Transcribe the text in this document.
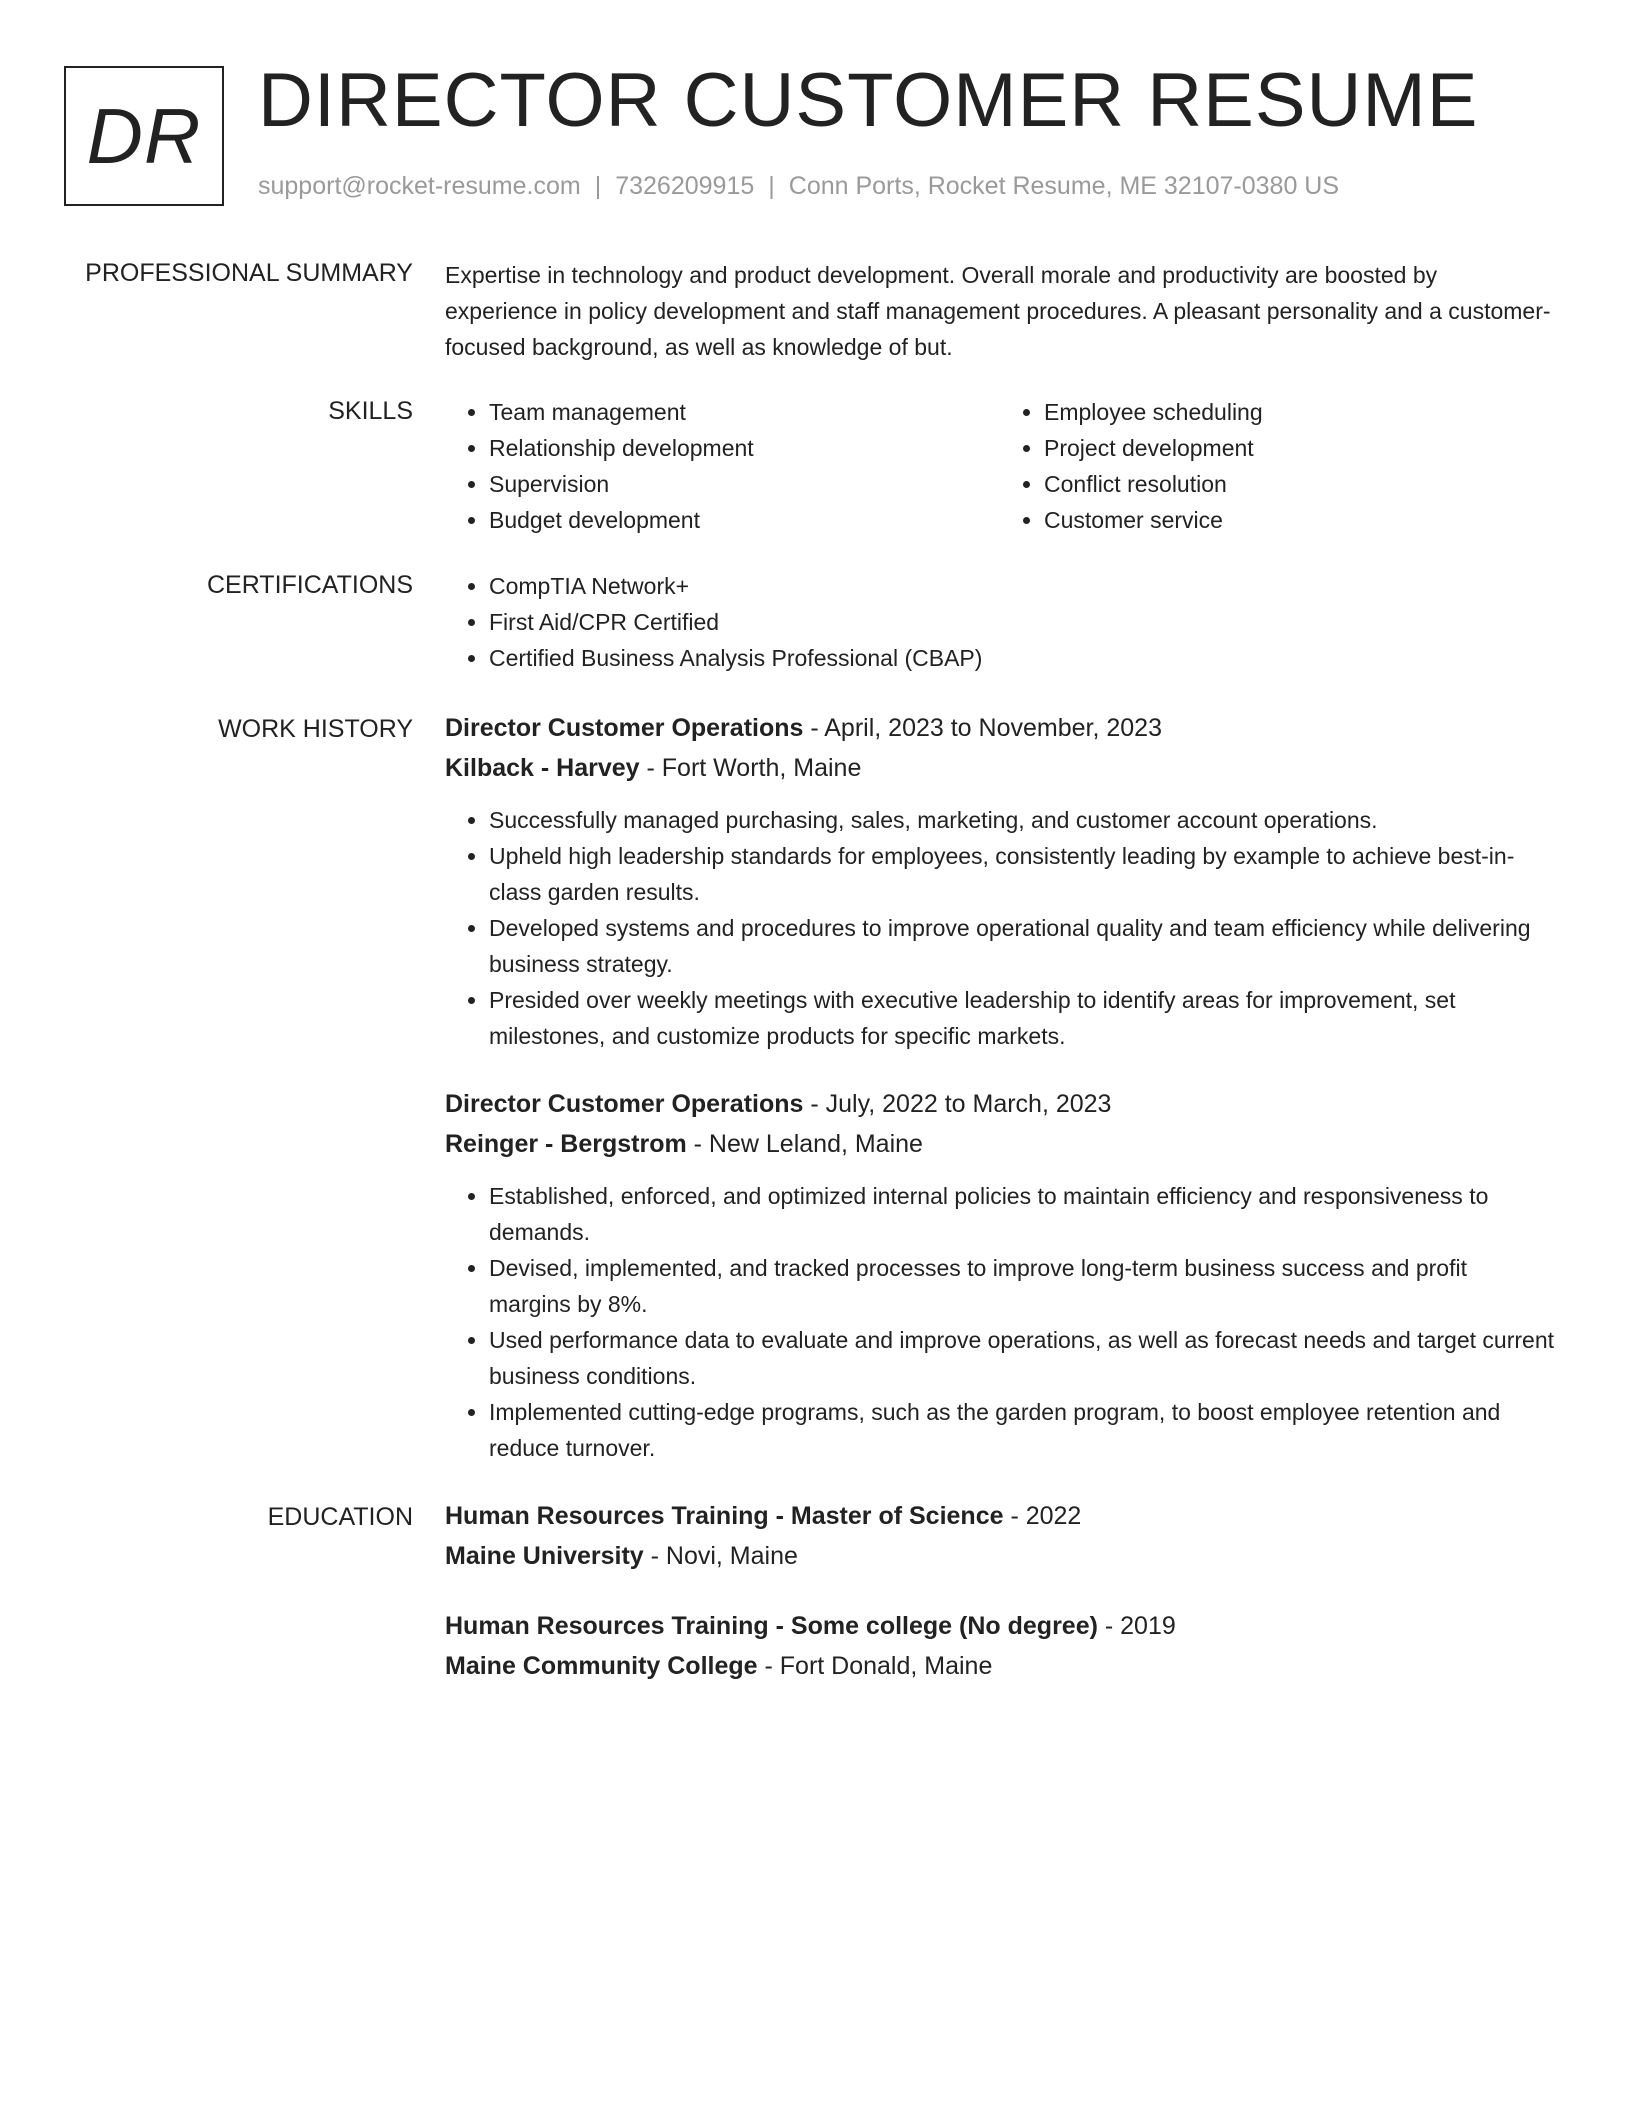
DR DIRECTOR CUSTOMER RESUME
support@rocket-resume.com | 7326209915 | Conn Ports, Rocket Resume, ME 32107-0380 US
PROFESSIONAL SUMMARY Expertise in technology and product development. Overall morale and productivity are boosted by experience in policy development and staff management procedures. A pleasant personality and a customer-focused background, as well as knowledge of but.

SKILLS	• Team management
• Relationship development
• Supervision
• Budget development
• Employee scheduling
• Project development
• Conflict resolution
• Customer service
CERTIFICATIONS	• CompTIA Network+
• First Aid/CPR Certified
• Certified Business Analysis Professional (CBAP)
WORK HISTORY Director Customer Operations - April, 2023 to November, 2023
Kilback - Harvey - Fort Worth, Maine
• Successfully managed purchasing, sales, marketing, and customer account operations.
• Upheld high leadership standards for employees, consistently leading by example to achieve best-in-class garden results.
• Developed systems and procedures to improve operational quality and team efficiency while delivering business strategy.
• Presided over weekly meetings with executive leadership to identify areas for improvement, set milestones, and customize products for specific markets.
Director Customer Operations - July, 2022 to March, 2023
Reinger - Bergstrom - New Leland, Maine
• Established, enforced, and optimized internal policies to maintain efficiency and responsiveness to demands.
• Devised, implemented, and tracked processes to improve long-term business success and profit margins by 8%.
• Used performance data to evaluate and improve operations, as well as forecast needs and target current business conditions.
• Implemented cutting-edge programs, such as the garden program, to boost employee retention and reduce turnover.
EDUCATION Human Resources Training - Master of Science - 2022
Maine University - Novi, Maine
Human Resources Training - Some college (No degree) - 2019
Maine Community College - Fort Donald, Maine
